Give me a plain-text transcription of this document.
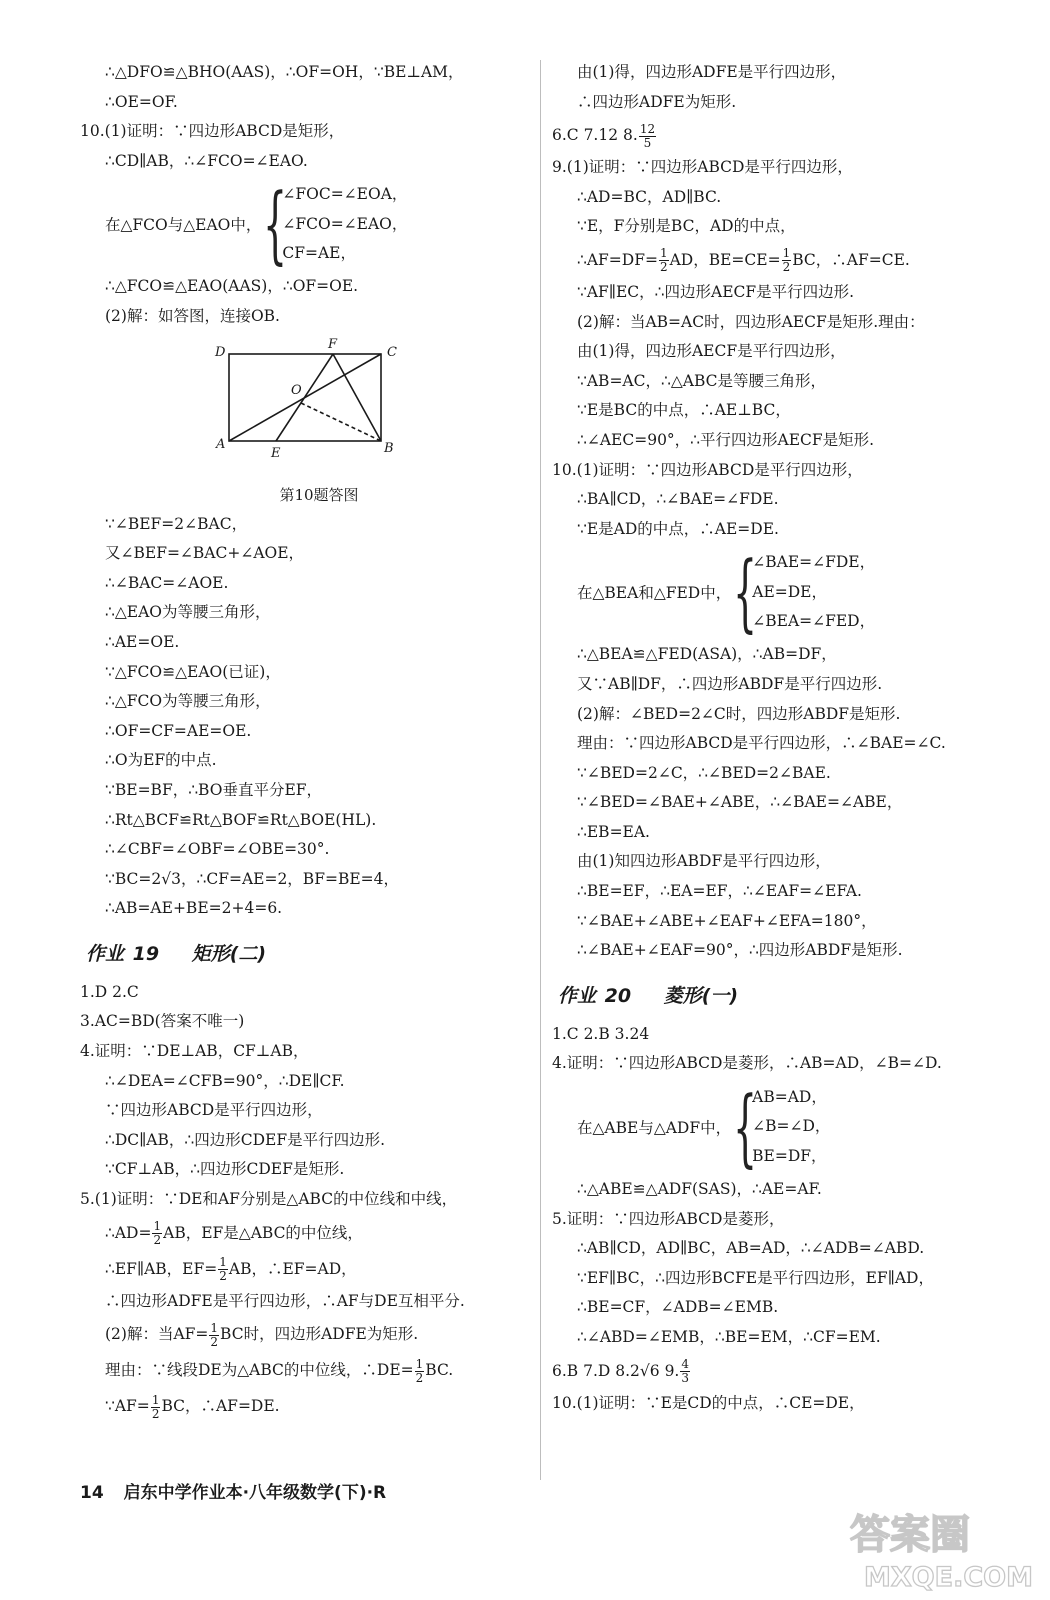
∴△DFO≌△BHO(AAS)，∴OF=OH，∵BE⊥AM，
∴OE=OF.
10.(1)证明：∵四边形ABCD是矩形，
∴CD∥AB，∴∠FCO=∠EAO.
在△FCO与△EAO中， {
∠FOC=∠EOA，
∠FCO=∠EAO，
CF=AE，
∴△FCO≌△EAO(AAS)，∴OF=OE.
(2)解：如答图，连接OB.
D
F
C
O
A
E	B
第10题答图
∵∠BEF=2∠BAC，
又∠BEF=∠BAC+∠AOE，
∴∠BAC=∠AOE.
∴△EAO为等腰三角形，
∴AE=OE.
∵△FCO≌△EAO(已证)，
∴△FCO为等腰三角形，
∴OF=CF=AE=OE.
∴O为EF的中点.
∵BE=BF，∴BO垂直平分EF，
∴Rt△BCF≌Rt△BOF≌Rt△BOE(HL).
∴∠CBF=∠OBF=∠OBE=30°.
∵BC=2√3，∴CF=AE=2，BF=BE=4，
∴AB=AE+BE=2+4=6.
作业 19 矩形(二)
1.D 2.C
3.AC=BD(答案不唯一)
4.证明：∵DE⊥AB，CF⊥AB，
∴∠DEA=∠CFB=90°，∴DE∥CF.
∵四边形ABCD是平行四边形，
∴DC∥AB，∴四边形CDEF是平行四边形.
∵CF⊥AB，∴四边形CDEF是矩形.
5.(1)证明：∵DE和AF分别是△ABC的中位线和中线，
∴AD= $\frac{1}{2}$ AB，EF是△ABC的中位线，
∴EF∥AB，$EF= \frac{1}{2}$ AB，∴EF=AD，
∴四边形ADFE是平行四边形，∴AF与DE互相平分.
(2)解：当$AF= \frac{1}{2}$ BC时，四边形ADFE为矩形.
理由：∵线段DE为△ABC的中位线，∴DE= $\frac{1}{2}$ BC.
∵AF= $\frac{1}{2}$ BC，∴AF=DE.
由(1)得，四边形ADFE是平行四边形，
∴四边形ADFE为矩形.
6.C 7.12 8. $\frac{12}{5}$
9.(1)证明：∵四边形ABCD是平行四边形，
∴AD=BC，AD∥BC.
∵E，F分别是BC，AD的中点，
∴AF=DF= $\frac{1}{2}$ AD，$BE=CE= \frac{1}{2}$ BC，∴AF=CE.
∵AF∥EC，∴四边形AECF是平行四边形.
(2)解：当AB=AC时，四边形AECF是矩形.理由：
由(1)得，四边形AECF是平行四边形，
∵AB=AC，∴△ABC是等腰三角形，
∵E是BC的中点，∴AE⊥BC，
∴∠AEC=90°，∴平行四边形AECF是矩形.
10.(1)证明：∵四边形ABCD是平行四边形，
∴BA∥CD，∴∠BAE=∠FDE.
∵E是AD的中点，∴AE=DE.
在△BEA和△FED中， {
∠BAE=∠FDE，
AE=DE，
∠BEA=∠FED，
∴△BEA≌△FED(ASA)，∴AB=DF，
又∵AB∥DF，∴四边形ABDF是平行四边形.
(2)解：∠BED=2∠C时，四边形ABDF是矩形.
理由：∵四边形ABCD是平行四边形，∴∠BAE=∠C.
∵∠BED=2∠C，∴∠BED=2∠BAE.
∵∠BED=∠BAE+∠ABE，∴∠BAE=∠ABE，
∴EB=EA.
由(1)知四边形ABDF是平行四边形，
∴BE=EF，∴EA=EF，∴∠EAF=∠EFA.
∵∠BAE+∠ABE+∠EAF+∠EFA=180°，
∴∠BAE+∠EAF=90°，∴四边形ABDF是矩形.
作业 20 菱形(一)
1.C 2.B 3.24
4.证明：∵四边形ABCD是菱形，∴AB=AD，∠B=∠D.
在△ABE与△ADF中， {
AB=AD，
∠B=∠D，
BE=DF，
∴△ABE≌△ADF(SAS)，∴AE=AF.
5.证明：∵四边形ABCD是菱形，
∴AB∥CD，AD∥BC，AB=AD，∴∠ADB=∠ABD.
∵EF∥BC，∴四边形BCFE是平行四边形，EF∥AD，
∴BE=CF，∠ADB=∠EMB.
∴∠ABD=∠EMB，∴BE=EM，∴CF=EM.
6.B 7.D 8.2√6 9. $\frac{4}{3}$
10.(1)证明：∵E是CD的中点，∴CE=DE，
14 启东中学作业本·八年级数学(下)·R
答案圈
MXQE.COM
